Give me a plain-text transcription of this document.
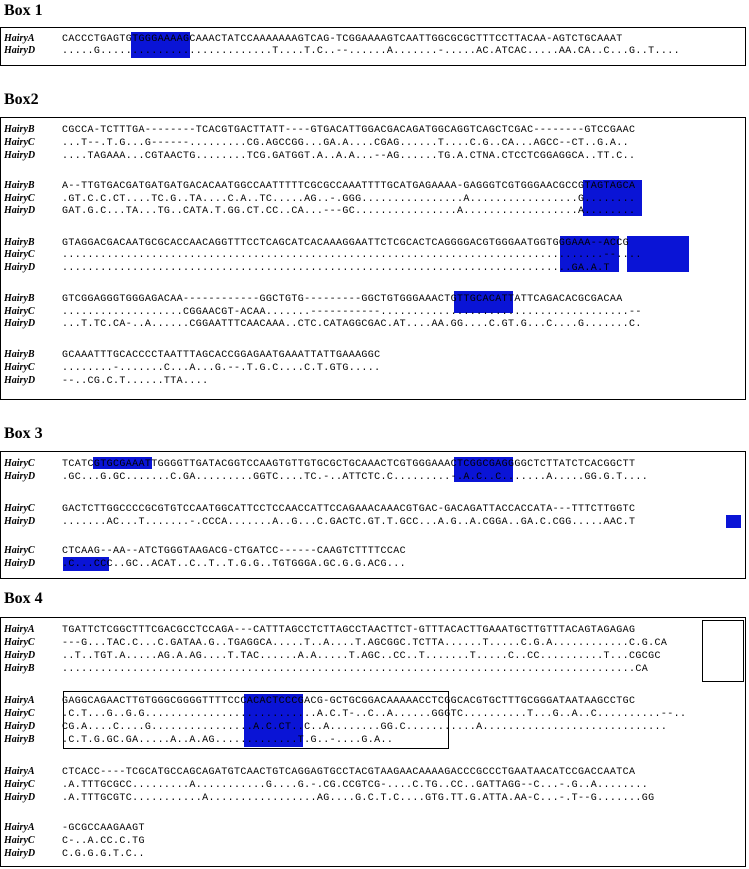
Box 1
HairyA	CACCCTGAGTGTGGGAAAAGCAAACTATCCAAAAAAAGTCAG-TCGGAAAAGTCAATTGGCGCGCTTTCCTTACAA-AGTCTGCAAAT
HairyD	.....G...........................T....T.C..--......A.......-.....AC.ATCAC.....AA.CA..C...G..T....
Box2
HairyB	CGCCA-TCTTTGA--------TCACGTGACTTATT----GTGACATTGGACGACAGATGGCAGGTCAGCTCGAC--------GTCCGAAC
HairyC	...T--.T.G...G------.........CG.AGCCGG...GA.A....CGAG......T....C.G..CA...AGCC--CT..G.A..
HairyD	....TAGAAA...CGTAACTG........TCG.GATGGT.A..A.A...--AG......TG.A.CTNA.CTCCTCGGAGGCA..TT.C..
HairyB	A--TTGTGACGATGATGATGACACAATGGCCAATTTTTCGCGCCAAATTTTGCATGAGAAAA-GAGGGTCGTGGGAACGCCGTAGTAGCA
HairyC	.GT.C.C.CT....TC.G..TA....C.A..TC.....AG..-.GGG................A.................G........
HairyD	GAT.G.C...TA...TG..CATA.T.GG.CT.CC..CA...---GC................A..................A........
HairyB	GTAGGACGACAATGCGCACCAACAGGTTTCCTCAGCATCACAAAGGAATTCTCGCACTCAGGGGACGTGGGAATGGTGGGAAA--ACCG
HairyC	.....................................................................................--....
HairyD	................................................................................GA.A.T
HairyB	GTCGGAGGGTGGGAGACAA------------GGCTGTG---------GGCTGTGGGAAACTGTTGCACATTATTCAGACACGCGACAA
HairyC	...................CGGAACGT-ACAA.......-----------.......................................--
HairyD	...T.TC.CA-..A......CGGAATTTCAACAAA..CTC.CATAGGCGAC.AT....AA.GG....C.GT.G...C....G.......C.
HairyB	GCAAATTTGCACCCCTAATTTAGCACCGGAGAATGAAATTATTGAAAGGC
HairyC	........-.......C...A...G.--.T.G.C....C.T.GTG.....
HairyD	--..CG.C.T......TTA....
Box 3
HairyC	TCATCGTGCGAAATTGGGGTTGATACGGTCCAAGTGTTGTGCGCTGCAAACTCGTGGGAAACTCGGCGAGGGGCTCTTATCTCACGGCTT
HairyD	.GC...G.GC.......C.GA.........GGTC....TC.-..ATTCTC.C.........-.A.C..C.......A.....GG.G.T....
HairyC	GACTCTTGGCCCCGCGTGTCCAATGGCATTCCTCCAACCATTCCAGAAACAAACGTGAC-GACAGATTACCACCATA---TTTCTTGGTC
HairyD	.......AC...T.......-.CCCA.......A..G...C.GACTC.GT.T.GCC...A.G..A.CGGA..GA.C.CGG.....AAC.T
HairyC	CTCAAG--AA--ATCTGGGTAAGACG-CTGATCC------CAAGTCTTTTCCAC
HairyD	.C...CCC..GC..ACAT..C..T..T.G.G..TGTGGGA.GC.G.G.ACG...
Box 4
HairyA	TGATTCTCGGCTTTCGACGCCTCCAGA---CATTTAGCCTCTTAGCCTAACTTCT-GTTTACACTTGAAATGCTTGTTTACAGTAGAGAG
HairyC	---G...TAC.C...C.GATAA.G..TGAGGCA.....T..A....T.AGCGGC.TCTTA......T.....C.G.A............C.G.CA
HairyD	..T..TGT.A.....AG.A.AG....T.TAC......A.A.....T.AGC..CC..T.......T.....C..CC..........T...CGCGC
HairyB	..........................................................................................CA
HairyA	GAGGCAGAACTTGTGGGCGGGGTTTTCCCACACTCCCGACG-GCTGCGGACAAAAACCTCGGCACGTGCTTTGCGGGATAATAAGCCTGC
HairyC	.C.T...G..G.G...........................A.C.T-..C..A......GGGTC..........T...G..A..C..........--..
HairyD	CG.A....C....G................A.C.CT..C..A........GG.C...........A.............................
HairyB	.C.T.G.GC.GA.....A..A.AG.............T.G..-....G.A..
HairyA	CTCACC----TCGCATGCCAGCAGATGTCAACTGTCAGGAGTGCCTACGTAAGAACAAAAGACCCGCCCTGAATAACATCCGACCAATCA
HairyC	.A.TTTGCGCC.........A...........G....G.-.CG.CCGTCG-....C.TG..CC..GATTAGG--C...-.G..A........
HairyD	.A.TTTGCGTC...........A.................AG....G.C.T.C....GTG.TT.G.ATTA.AA-C...-.T--G.......GG
HairyA	-GCGCCAAGAAGT
HairyC	C-..A.CC.C.TG
HairyD	C.G.G.G.T.C..
